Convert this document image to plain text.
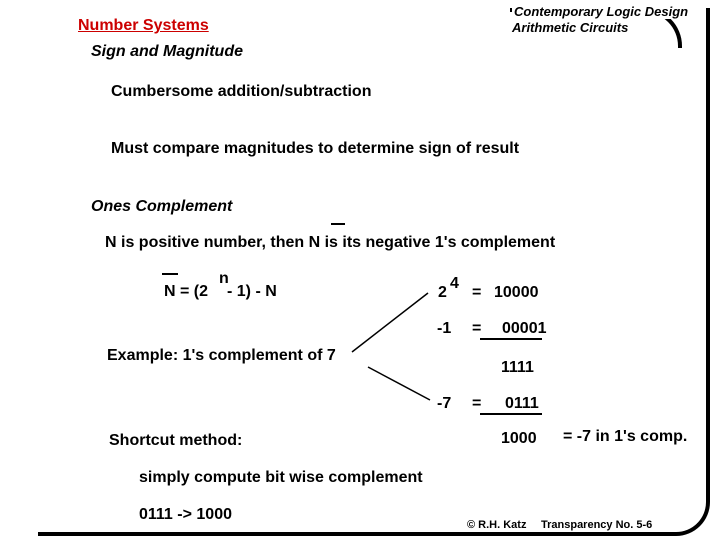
Number Systems
Contemporary Logic Design
Arithmetic Circuits
Sign and Magnitude
Cumbersome addition/subtraction
Must compare magnitudes to determine sign of result
Ones Complement
N is positive number, then N is its negative 1's complement
N = (2
n
- 1) - N	2
4
= 10000
-1 = 00001
1111
-7 = 0111
1000 = -7 in 1's comp.
Example: 1's complement of 7
Shortcut method:
simply compute bit wise complement
0111 -> 1000
© R.H. Katz Transparency No. 5-6
